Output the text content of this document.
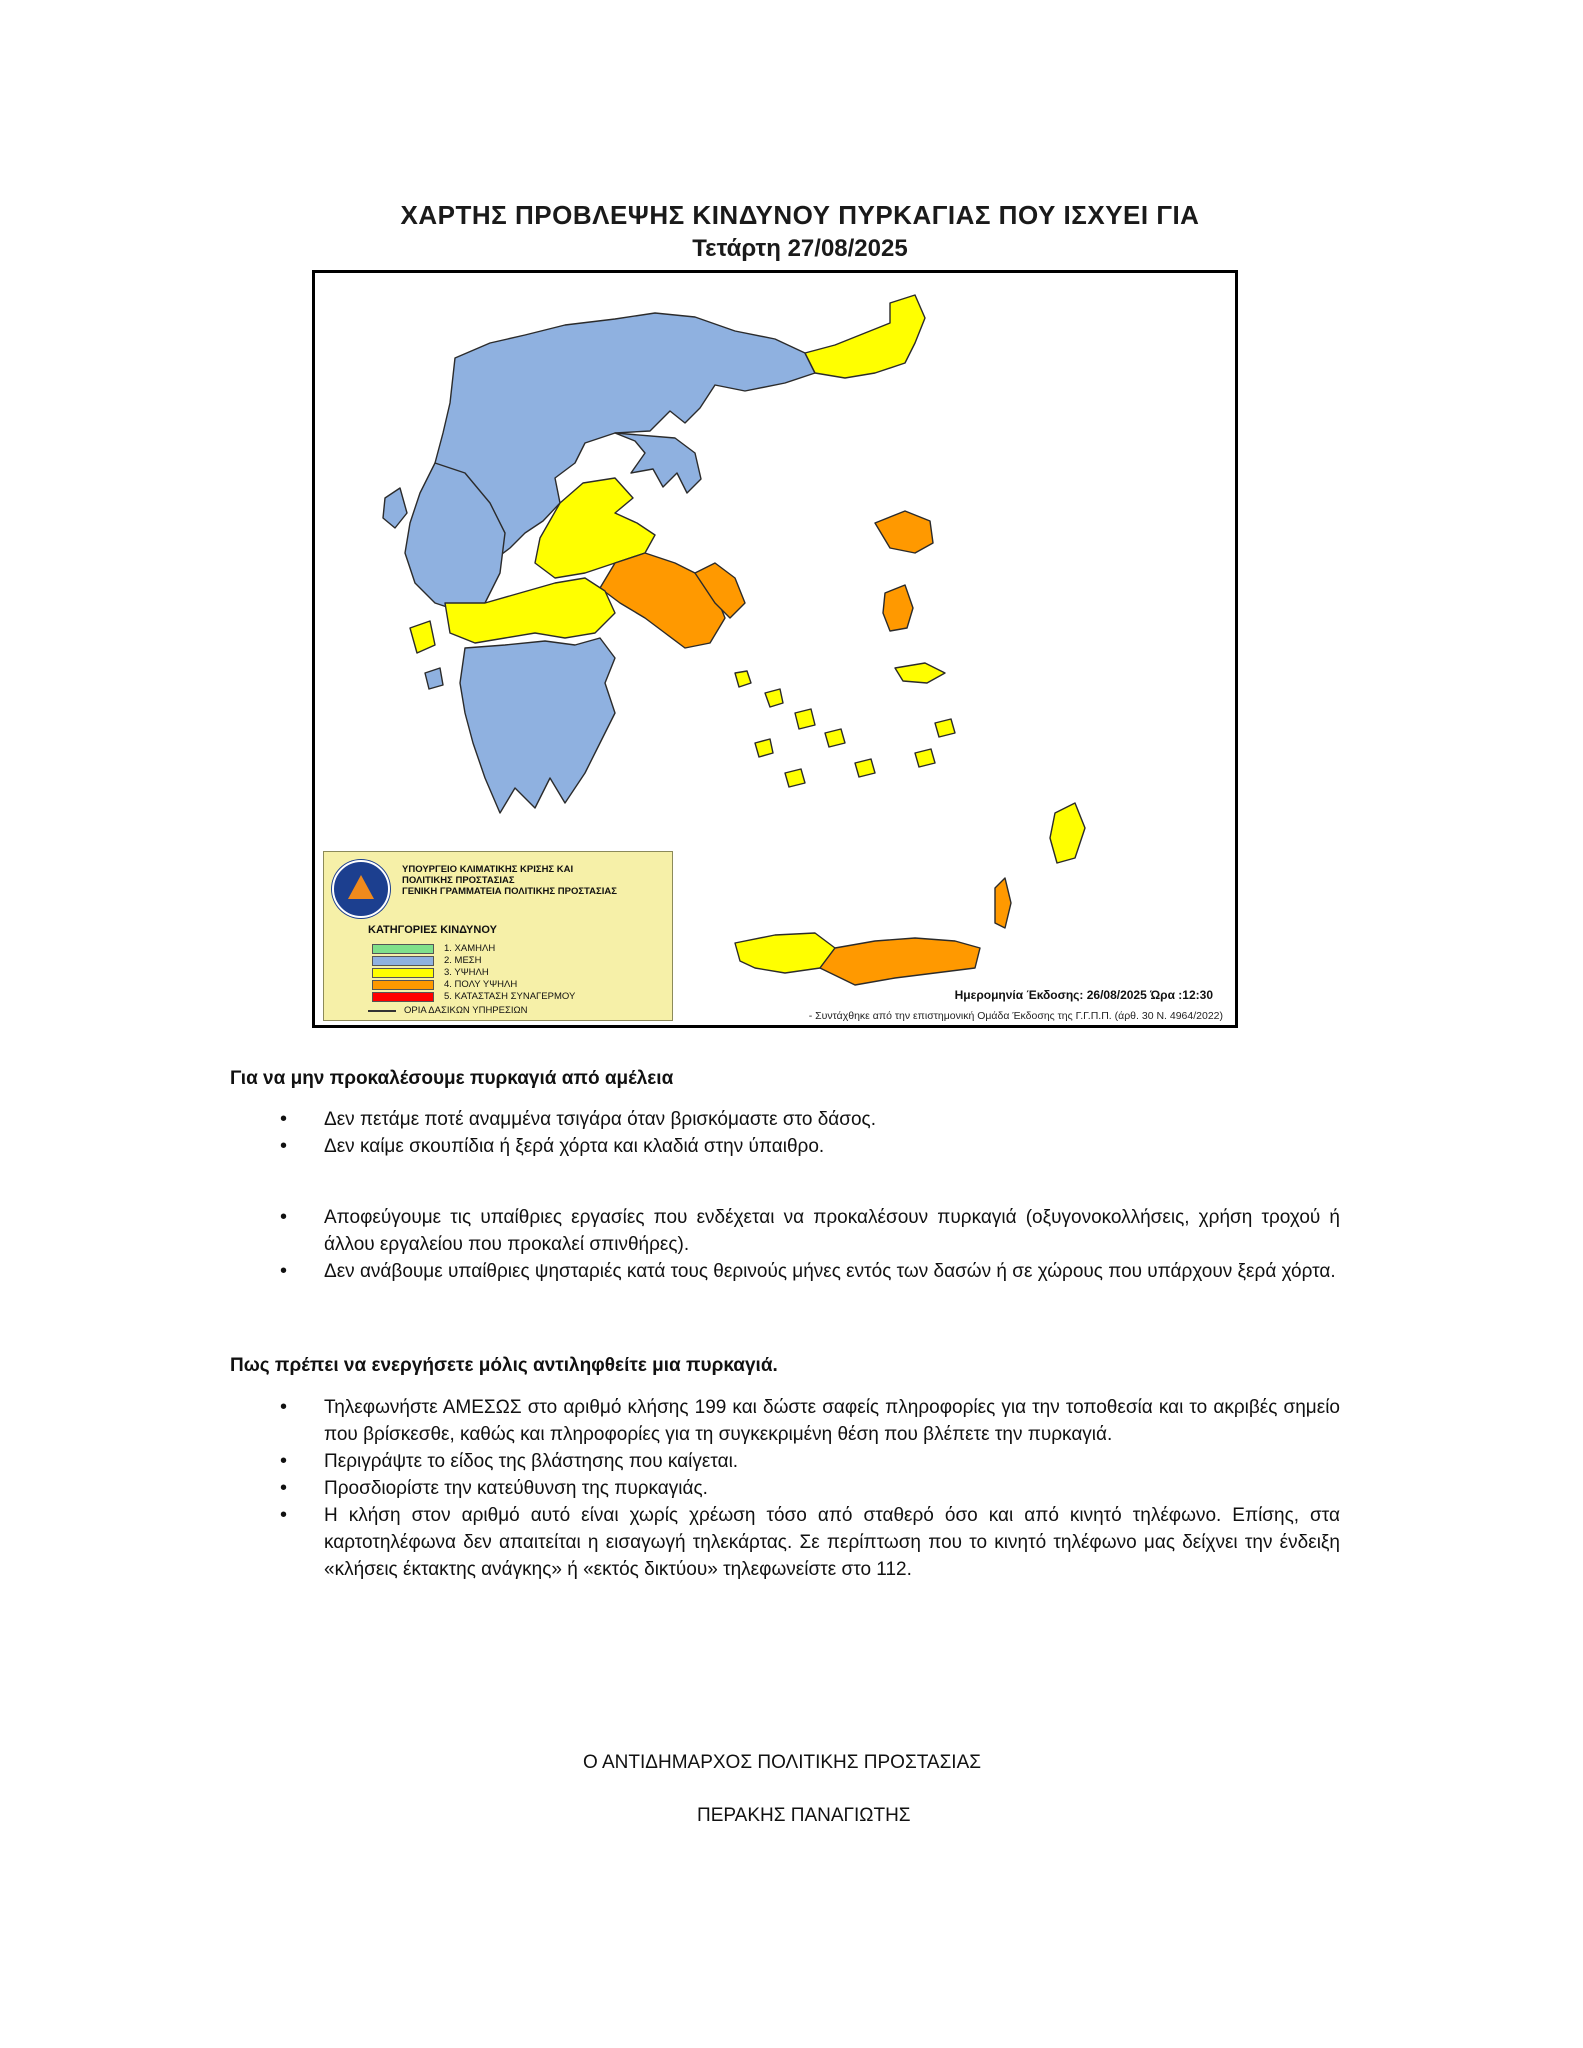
ΧΑΡΤΗΣ ΠΡΟΒΛΕΨΗΣ ΚΙΝΔΥΝΟΥ ΠΥΡΚΑΓΙΑΣ ΠΟΥ ΙΣΧΥΕΙ ΓΙΑ
Τετάρτη 27/08/2025
ΥΠΟΥΡΓΕΙΟ ΚΛΙΜΑΤΙΚΗΣ ΚΡΙΣΗΣ ΚΑΙ
ΠΟΛΙΤΙΚΗΣ ΠΡΟΣΤΑΣΙΑΣ
ΓΕΝΙΚΗ ΓΡΑΜΜΑΤΕΙΑ ΠΟΛΙΤΙΚΗΣ ΠΡΟΣΤΑΣΙΑΣ
ΚΑΤΗΓΟΡΙΕΣ ΚΙΝΔΥΝΟΥ
1. ΧΑΜΗΛΗ
2. ΜΕΣΗ
3. ΥΨΗΛΗ
4. ΠΟΛΥ ΥΨΗΛΗ
5. ΚΑΤΑΣΤΑΣΗ ΣΥΝΑΓΕΡΜΟΥ
ΟΡΙΑ ΔΑΣΙΚΩΝ ΥΠΗΡΕΣΙΩΝ
Ημερομηνία Έκδοσης: 26/08/2025 Ώρα :12:30
- Συντάχθηκε από την επιστημονική Ομάδα Έκδοσης της Γ.Γ.Π.Π. (άρθ. 30 Ν. 4964/2022)
Για να μην προκαλέσουμε πυρκαγιά από αμέλεια
• Δεν πετάμε ποτέ αναμμένα τσιγάρα όταν βρισκόμαστε στο δάσος.
• Δεν καίμε σκουπίδια ή ξερά χόρτα και κλαδιά στην ύπαιθρο.
• Αποφεύγουμε τις υπαίθριες εργασίες που ενδέχεται να προκαλέσουν πυρκαγιά (οξυγονοκολλήσεις, χρήση τροχού ή άλλου εργαλείου που προκαλεί σπινθήρες).
• Δεν ανάβουμε υπαίθριες ψησταριές κατά τους θερινούς μήνες εντός των δασών ή σε χώρους που υπάρχουν ξερά χόρτα.
Πως πρέπει να ενεργήσετε μόλις αντιληφθείτε μια πυρκαγιά.
• Τηλεφωνήστε ΑΜΕΣΩΣ στο αριθμό κλήσης 199 και δώστε σαφείς πληροφορίες για την τοποθεσία και το ακριβές σημείο που βρίσκεσθε, καθώς και πληροφορίες για τη συγκεκριμένη θέση που βλέπετε την πυρκαγιά.
• Περιγράψτε το είδος της βλάστησης που καίγεται.
• Προσδιορίστε την κατεύθυνση της πυρκαγιάς.
• Η κλήση στον αριθμό αυτό είναι χωρίς χρέωση τόσο από σταθερό όσο και από κινητό τηλέφωνο. Επίσης, στα καρτοτηλέφωνα δεν απαιτείται η εισαγωγή τηλεκάρτας. Σε περίπτωση που το κινητό τηλέφωνο μας δείχνει την ένδειξη «κλήσεις έκτακτης ανάγκης» ή «εκτός δικτύου» τηλεφωνείστε στο 112.
Ο ΑΝΤΙΔΗΜΑΡΧΟΣ ΠΟΛΙΤΙΚΗΣ ΠΡΟΣΤΑΣΙΑΣ
ΠΕΡΑΚΗΣ ΠΑΝΑΓΙΩΤΗΣ
